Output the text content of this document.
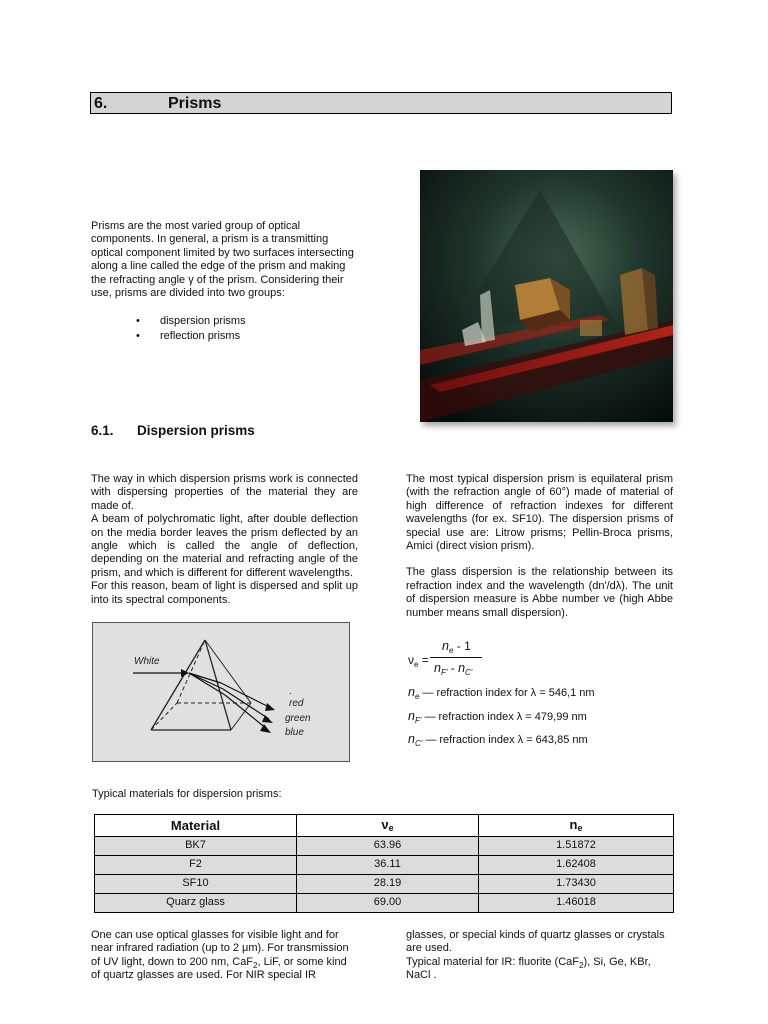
6.	Prisms

Prisms are the most varied group of optical components. In general, a prism is a transmitting optical component limited by two surfaces intersecting along a line called the edge of the prism and making the refracting angle γ of the prism. Considering their use, prisms are divided into two groups:

• dispersion prisms
• reflection prisms
6.1. Dispersion prisms

The way in which dispersion prisms work is connected with dispersing properties of the material they are made of.

A beam of polychromatic light, after double deflection on the media border leaves the prism deflected by an angle which is called the angle of deflection, depending on the material and refracting angle of the prism, and which is different for different wavelengths.

For this reason, beam of light is dispersed and split up into its spectral components.

The most typical dispersion prism is equilateral prism (with the refraction angle of 60°) made of material of high difference of refraction indexes for different wavelengths (for ex. SF10). The dispersion prisms of special use are: Litrow prisms; Pellin-Broca prisms, Amici (direct vision prism).

The glass dispersion is the relationship between its refraction index and the wavelength (dn'/dλ). The unit of dispersion measure is Abbe number νe (high Abbe number means small dispersion).

White
.
red
green
blue
$\nu_e$ =
$n_e - 1$
$n_{F'} - n_{C'}$
$n_e$ — refraction index for λ = 546,1 nm
$n_{F'}$ — refraction index λ = 479,99 nm
$n_{C'}$ — refraction index λ = 643,85 nm

Typical materials for dispersion prisms:

Material	νe	ne
BK7	63.96	1.51872
F2	36.11	1.62408
SF10	28.19	1.73430
Quarz glass	69.00	1.46018
One can use optical glasses for visible light and for
near infrared radiation (up to 2 μm). For transmission
of UV light, down to 200 nm, CaF$_2$, LiF, or some kind
of quartz glasses are used. For NIR special IR
glasses, or special kinds of quartz glasses or crystals
are used.
Typical material for IR: fluorite (CaF$_2$), Si, Ge, KBr,
NaCl .
